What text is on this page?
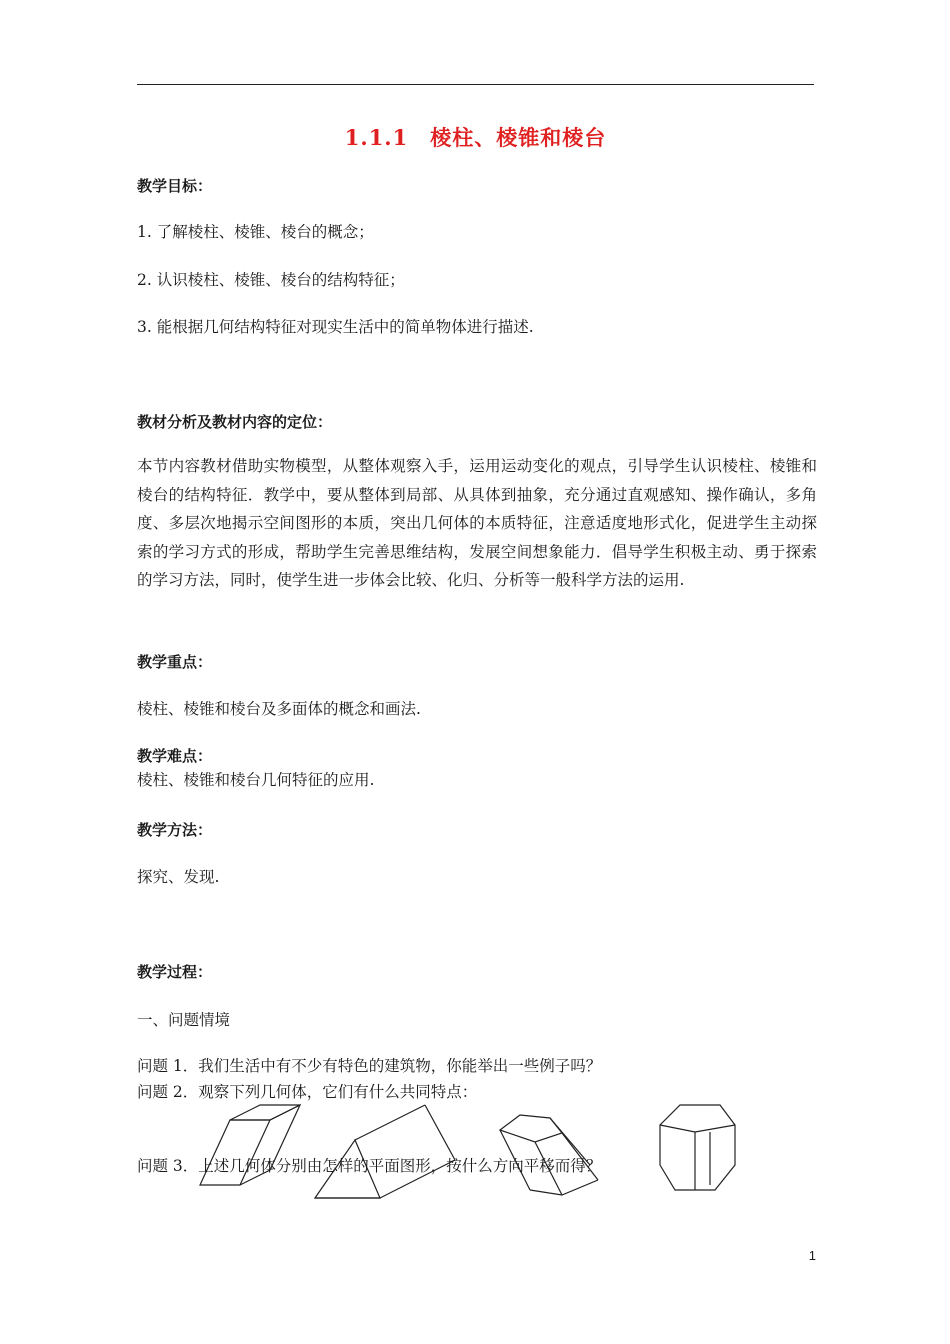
1.1.1　棱柱、棱锥和棱台
教学目标：
1. 了解棱柱、棱锥、棱台的概念；
2. 认识棱柱、棱锥、棱台的结构特征；
3. 能根据几何结构特征对现实生活中的简单物体进行描述.
教材分析及教材内容的定位：
本节内容教材借助实物模型，从整体观察入手，运用运动变化的观点，引导学生认识棱柱、棱锥和棱台的结构特征．教学中，要从整体到局部、从具体到抽象，充分通过直观感知、操作确认，多角度、多层次地揭示空间图形的本质，突出几何体的本质特征，注意适度地形式化，促进学生主动探索的学习方式的形成，帮助学生完善思维结构，发展空间想象能力．倡导学生积极主动、勇于探索的学习方法，同时，使学生进一步体会比较、化归、分析等一般科学方法的运用.
教学重点：
棱柱、棱锥和棱台及多面体的概念和画法.
教学难点：
棱柱、棱锥和棱台几何特征的应用.
教学方法：
探究、发现.
教学过程：
一、问题情境
问题 1．我们生活中有不少有特色的建筑物，你能举出一些例子吗？
问题 2．观察下列几何体，它们有什么共同特点：
问题 3．上述几何体分别由怎样的平面图形，按什么方向平移而得？
1
